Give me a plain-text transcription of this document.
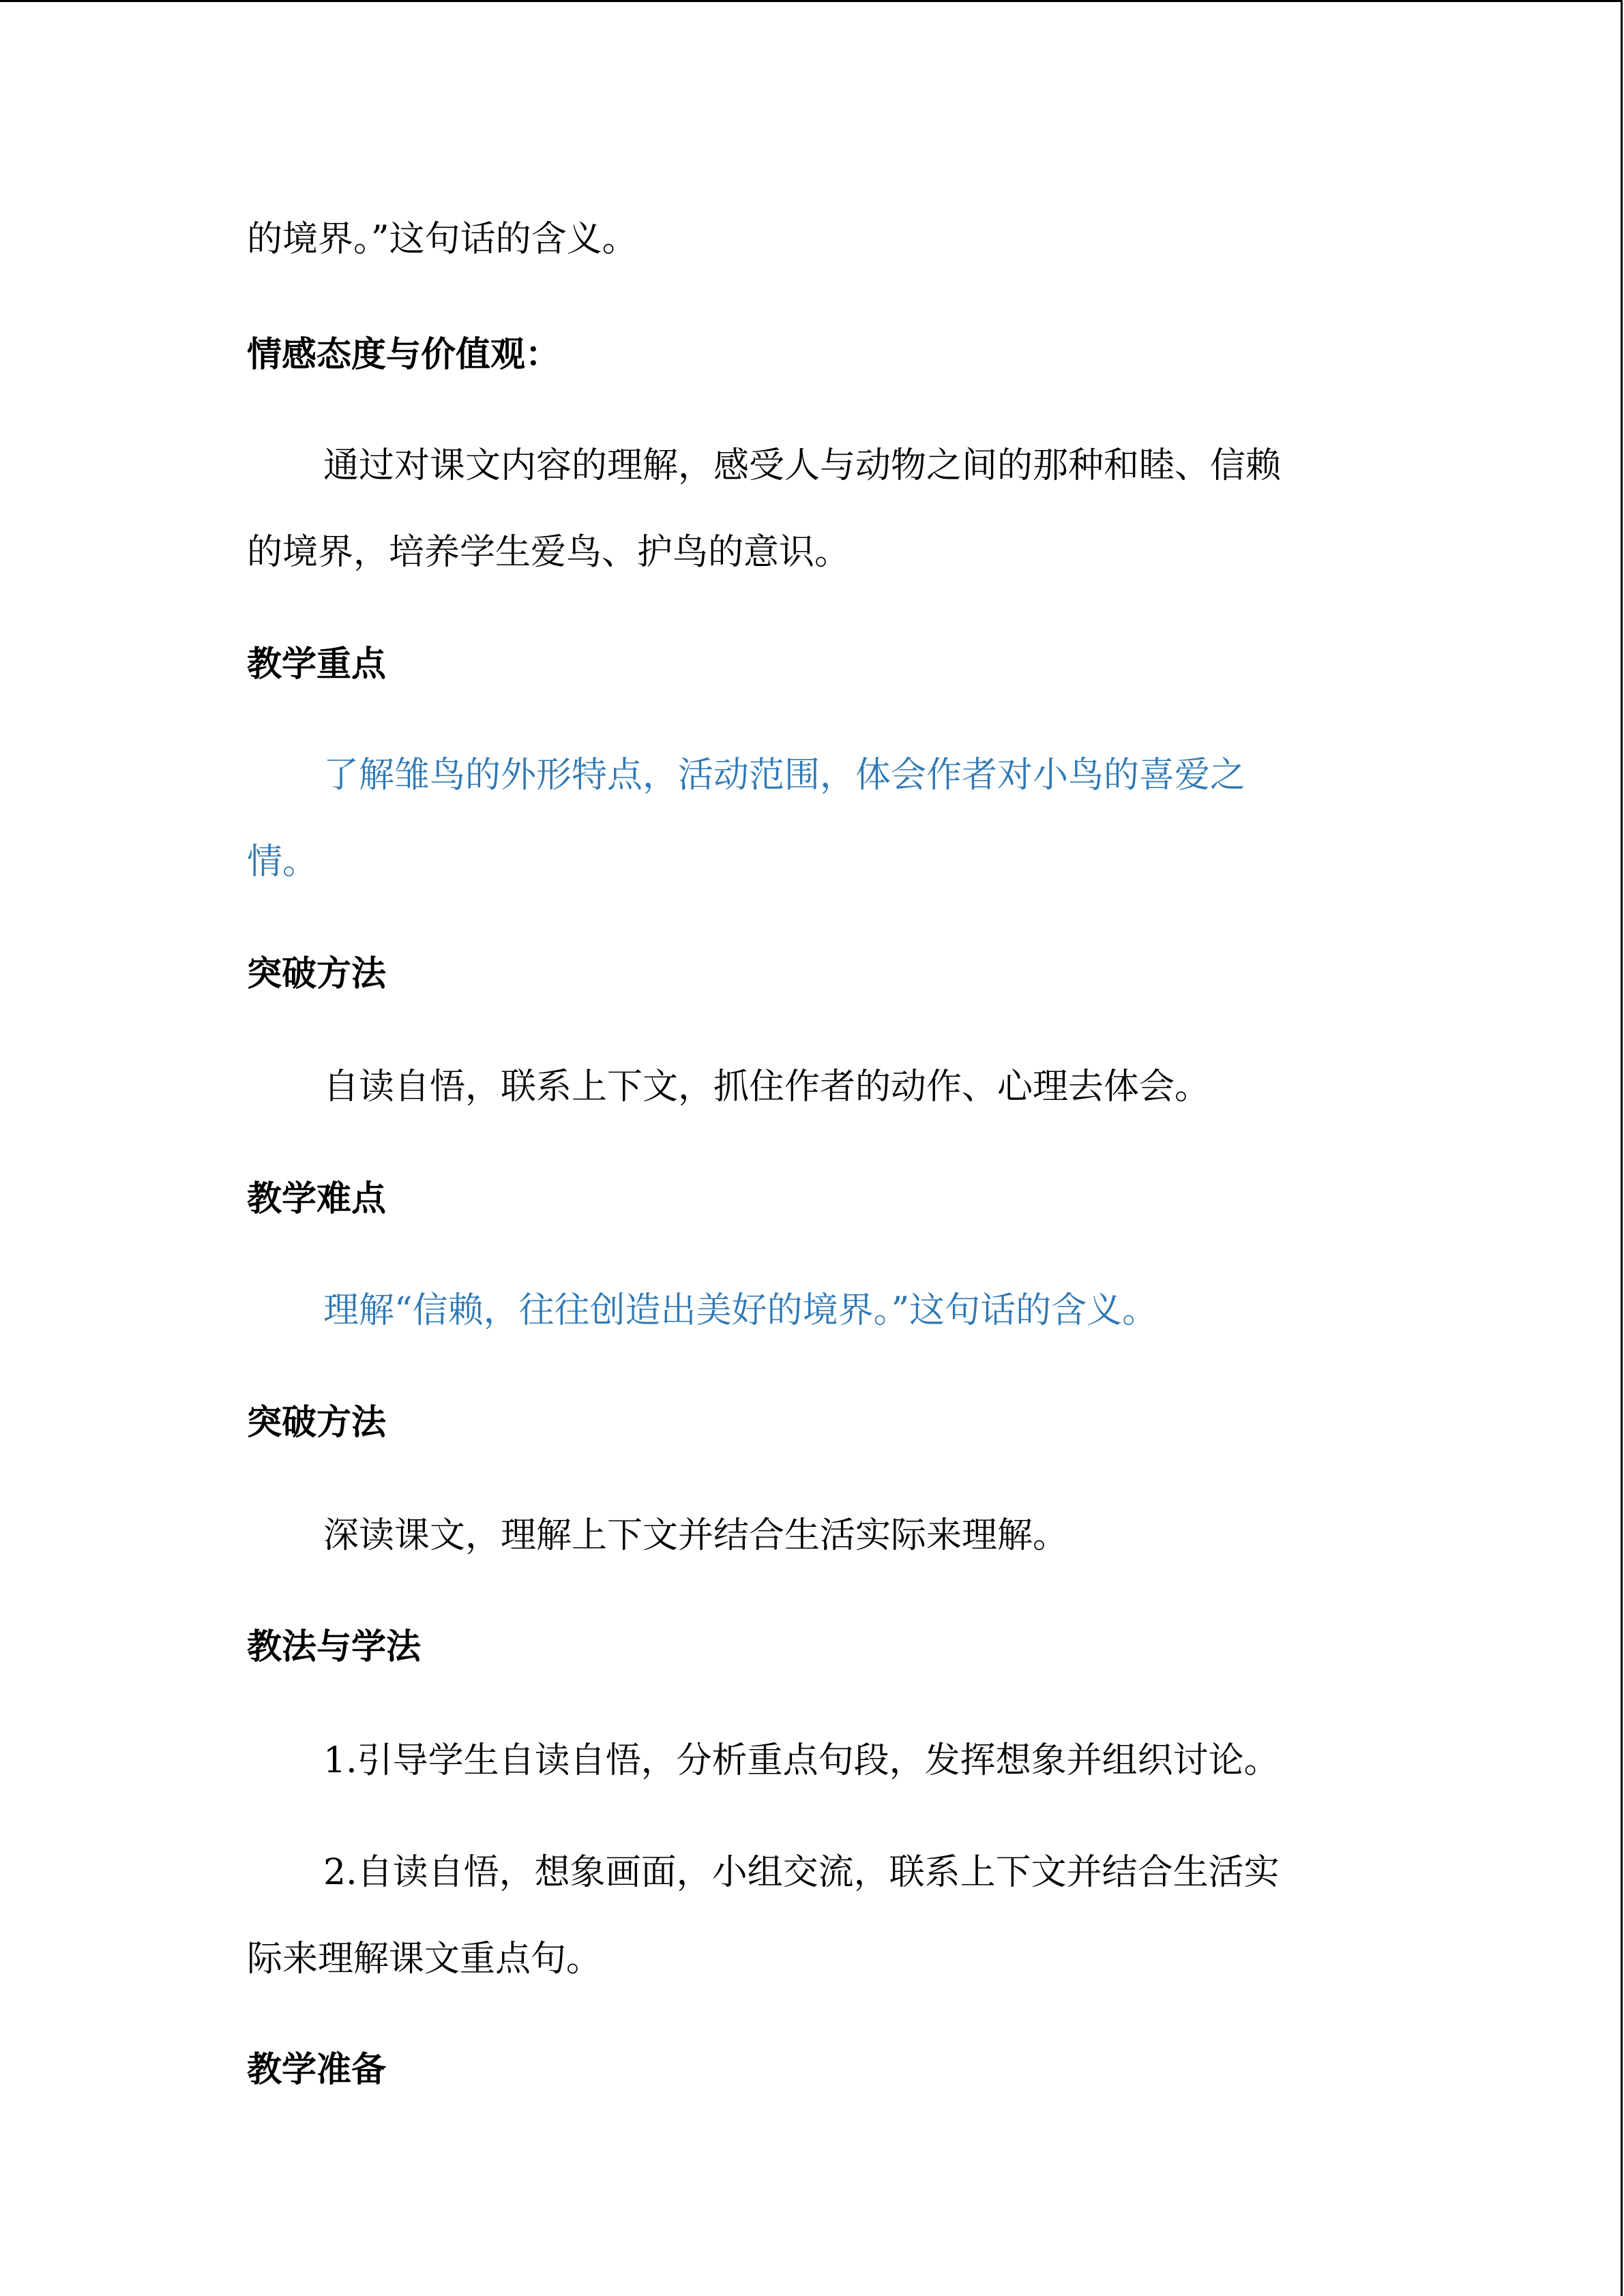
的境界。”这句话的含义。
情感态度与价值观：
通过对课文内容的理解，感受人与动物之间的那种和睦、信赖
的境界，培养学生爱鸟、护鸟的意识。
教学重点
了解雏鸟的外形特点，活动范围，体会作者对小鸟的喜爱之
情。
突破方法
自读自悟，联系上下文，抓住作者的动作、心理去体会。
教学难点
理解“信赖，往往创造出美好的境界。”这句话的含义。
突破方法
深读课文，理解上下文并结合生活实际来理解。
教法与学法
1.引导学生自读自悟，分析重点句段，发挥想象并组织讨论。
2.自读自悟，想象画面，小组交流，联系上下文并结合生活实
际来理解课文重点句。
教学准备
